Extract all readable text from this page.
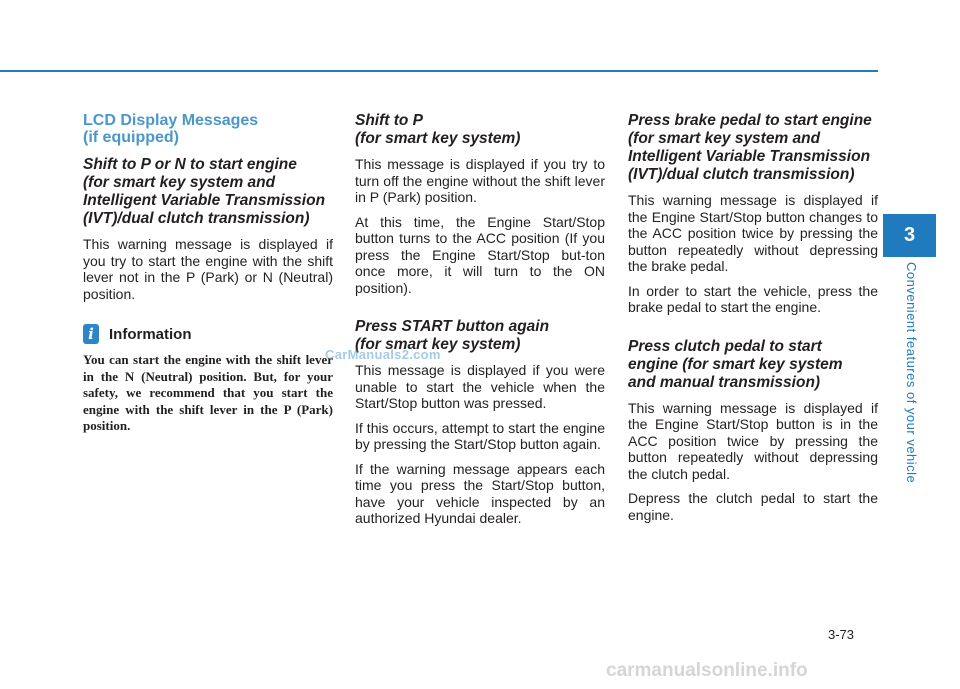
LCD Display Messages
(if equipped)
Shift to P or N to start engine
(for smart key system and
Intelligent Variable Transmission
(IVT)/dual clutch transmission)

This warning message is displayed if you try to start the engine with the shift lever not in the P (Park) or N (Neutral) position.

i	Information

You can start the engine with the shift lever in the N (Neutral) position. But, for your safety, we recommend that you start the engine with the shift lever in the P (Park) position.

Shift to P
(for smart key system)

This message is displayed if you try to turn off the engine without the shift lever in P (Park) position.

At this time, the Engine Start/Stop button turns to the ACC position (If you press the Engine Start/Stop but-ton once more, it will turn to the ON position).

Press START button again
(for smart key system)

This message is displayed if you were unable to start the vehicle when the Start/Stop button was pressed.

If this occurs, attempt to start the engine by pressing the Start/Stop button again.

If the warning message appears each time you press the Start/Stop button, have your vehicle inspected by an authorized Hyundai dealer.

Press brake pedal to start engine
(for smart key system and
Intelligent Variable Transmission
(IVT)/dual clutch transmission)

This warning message is displayed if the Engine Start/Stop button changes to the ACC position twice by pressing the button repeatedly without depressing the brake pedal.

In order to start the vehicle, press the brake pedal to start the engine.

Press clutch pedal to start
engine (for smart key system
and manual transmission)

This warning message is displayed if the Engine Start/Stop button is in the ACC position twice by pressing the button repeatedly without depressing the clutch pedal.

Depress the clutch pedal to start the engine.

3
Convenient features of your vehicle
3-73
CarManuals2.com
carmanualsonline.info
